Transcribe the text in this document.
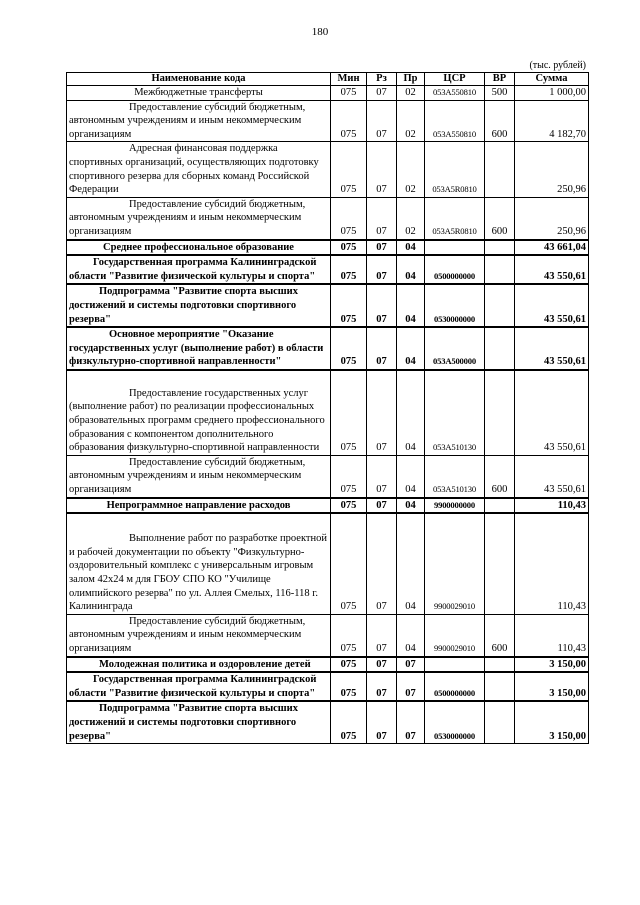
180
(тыс. рублей)
Наименование кода	Мин	Рз	Пр	ЦСР	ВР	Сумма
Межбюджетные трансферты	075	07	02	053A550810	500	1 000,00
Предоставление субсидий бюджетным, автономным учреждениям и иным некоммерческим организациям	075	07	02	053A550810	600	4 182,70
Адресная финансовая поддержка спортивных организаций, осуществляющих подготовку спортивного резерва для сборных команд Российской Федерации	075	07	02	053A5R0810		250,96
Предоставление субсидий бюджетным, автономным учреждениям и иным некоммерческим организациям	075	07	02	053A5R0810	600	250,96
Среднее профессиональное образование	075	07	04			43 661,04
Государственная программа Калининградской области "Развитие физической культуры и спорта"	075	07	04	0500000000		43 550,61
Подпрограмма "Развитие спорта высших достижений и системы подготовки спортивного резерва"	075	07	04	0530000000		43 550,61
Основное мероприятие "Оказание государственных услуг (выполнение работ) в области физкультурно-спортивной направленности"	075	07	04	053A500000		43 550,61
Предоставление государственных услуг (выполнение работ) по реализации профессиональных образовательных программ среднего профессионального образования с компонентом дополнительного образования физкультурно-спортивной направленности	075	07	04	053A510130		43 550,61
Предоставление субсидий бюджетным, автономным учреждениям и иным некоммерческим организациям	075	07	04	053A510130	600	43 550,61
Непрограммное направление расходов	075	07	04	9900000000		110,43
Выполнение работ по разработке проектной и рабочей документации по объекту "Физкультурно-оздоровительный комплекс с универсальным игровым залом 42х24 м для ГБОУ СПО КО "Училище олимпийского резерва" по ул. Аллея Смелых, 116-118 г. Калининграда	075	07	04	9900029010		110,43
Предоставление субсидий бюджетным, автономным учреждениям и иным некоммерческим организациям	075	07	04	9900029010	600	110,43
Молодежная политика и оздоровление детей	075	07	07			3 150,00
Государственная программа Калининградской области "Развитие физической культуры и спорта"	075	07	07	0500000000		3 150,00
Подпрограмма "Развитие спорта высших достижений и системы подготовки спортивного резерва"	075	07	07	0530000000		3 150,00
